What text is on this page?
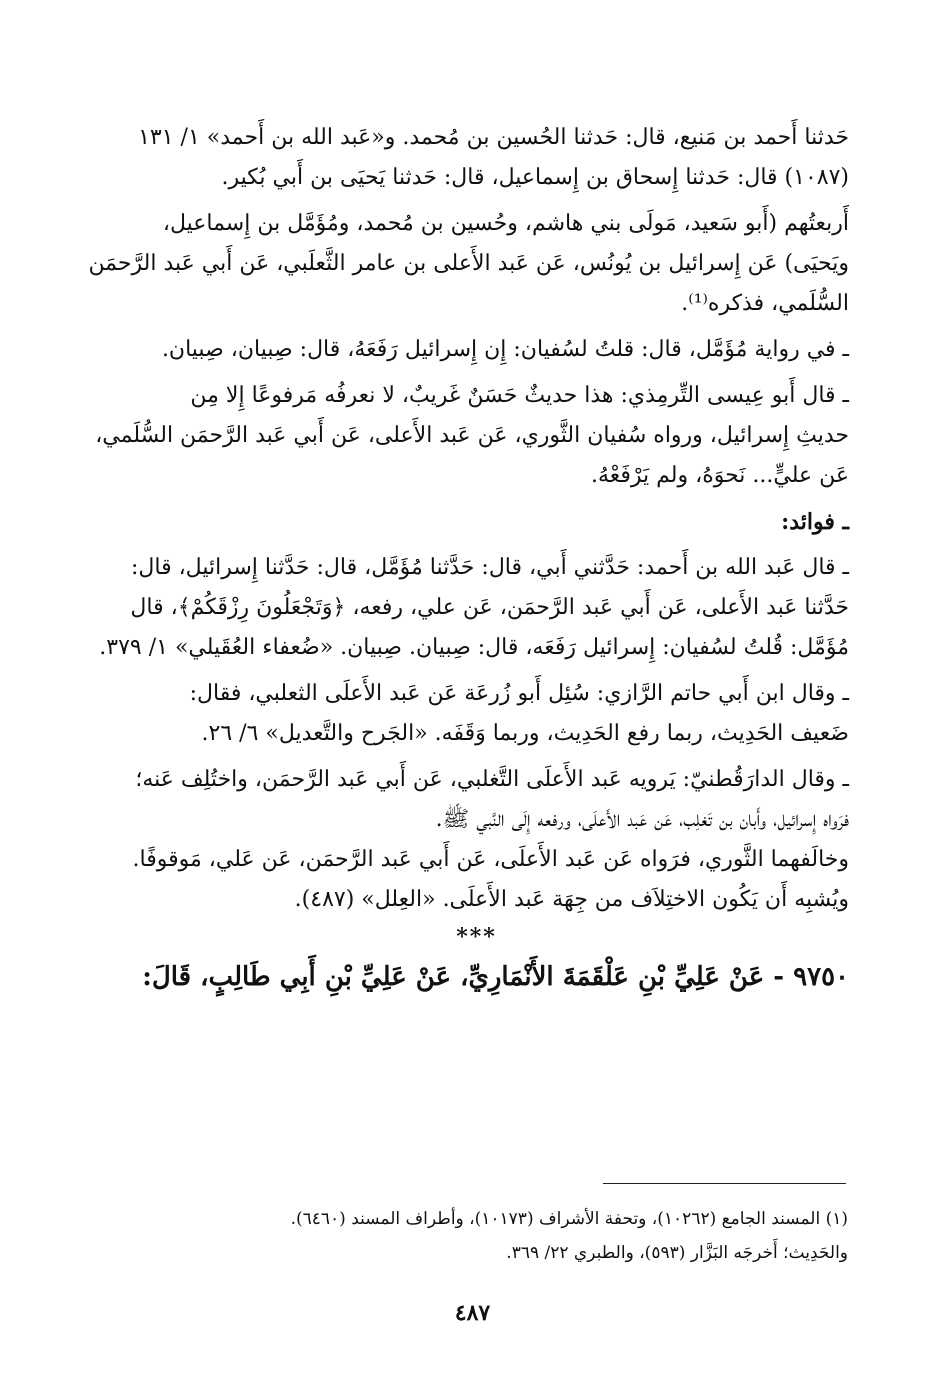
حَدثنا أَحمد بن مَنيع، قال: حَدثنا الحُسين بن مُحمد. و«عَبد الله بن أَحمد» ١/ ١٣١
(١٠٨٧) قال: حَدثنا إِسحاق بن إِسماعيل، قال: حَدثنا يَحيَى بن أَبي بُكير.
أَربعتُهم (أَبو سَعيد، مَولَى بني هاشم، وحُسين بن مُحمد، ومُؤَمَّل بن إِسماعيل،
ويَحيَى) عَن إِسرائيل بن يُونُس، عَن عَبد الأَعلى بن عامر الثَّعلَبي، عَن أَبي عَبد الرَّحمَن
السُّلَمي، فذكره⁽¹⁾.
ـ في رواية مُؤَمَّل، قال: قلتُ لسُفيان: إِن إِسرائيل رَفَعَهُ، قال: صِبيان، صِبيان.
ـ قال أَبو عِيسى التِّرمِذي: هذا حديثٌ حَسَنٌ غَريبٌ، لا نعرفُه مَرفوعًا إِلا مِن
حديثِ إِسرائيل، ورواه سُفيان الثَّوري، عَن عَبد الأَعلى، عَن أَبي عَبد الرَّحمَن السُّلَمي،
عَن عليٍّ... نَحوَهُ، ولم يَرْفَعْهُ.
ـ فوائد:
ـ قال عَبد الله بن أَحمد: حَدَّثني أَبي، قال: حَدَّثنا مُؤَمَّل، قال: حَدَّثنا إِسرائيل، قال:
حَدَّثنا عَبد الأَعلى، عَن أَبي عَبد الرَّحمَن، عَن علي، رفعه، ﴿وَتَجْعَلُونَ رِزْقَكُمْ﴾، قال
مُؤَمَّل: قُلتُ لسُفيان: إِسرائيل رَفَعَه، قال: صِبيان. صِبيان. «ضُعفاء العُقَيلي» ١/ ٣٧٩.
ـ وقال ابن أَبي حاتم الرَّازي: سُئِل أَبو زُرعَة عَن عَبد الأَعلَى الثعلبي، فقال:
ضَعيف الحَدِيث، ربما رفع الحَدِيث، وربما وَقَفَه. «الجَرح والتَّعديل» ٦/ ٢٦.
ـ وقال الدارَقُطنيّ: يَرويه عَبد الأَعلَى التَّغلبي، عَن أَبي عَبد الرَّحمَن، واختُلِف عَنه؛
فرَواه إِسرائيل، وأَبان بن تَغلِب، عَن عَبد الأَعلَى، ورفعه إِلَى النَّبي ﷺ.
وخالَفهما الثَّوري، فرَواه عَن عَبد الأَعلَى، عَن أَبي عَبد الرَّحمَن، عَن عَلي، مَوقوفًا.
ويُشبِه أَن يَكُون الاختِلاَف من جِهَة عَبد الأَعلَى. «العِلل» (٤٨٧).
***
٩٧٥٠ - عَنْ عَلِيِّ بْنِ عَلْقَمَةَ الأَنْمَارِيِّ، عَنْ عَلِيِّ بْنِ أَبِي طَالِبٍ، قَالَ:
(١) المسند الجامع (١٠٢٦٢)، وتحفة الأشراف (١٠١٧٣)، وأطراف المسند (٦٤٦٠).
والحَدِيث؛ أَخرجَه البَزَّار (٥٩٣)، والطبري ٢٢/ ٣٦٩.
٤٨٧
